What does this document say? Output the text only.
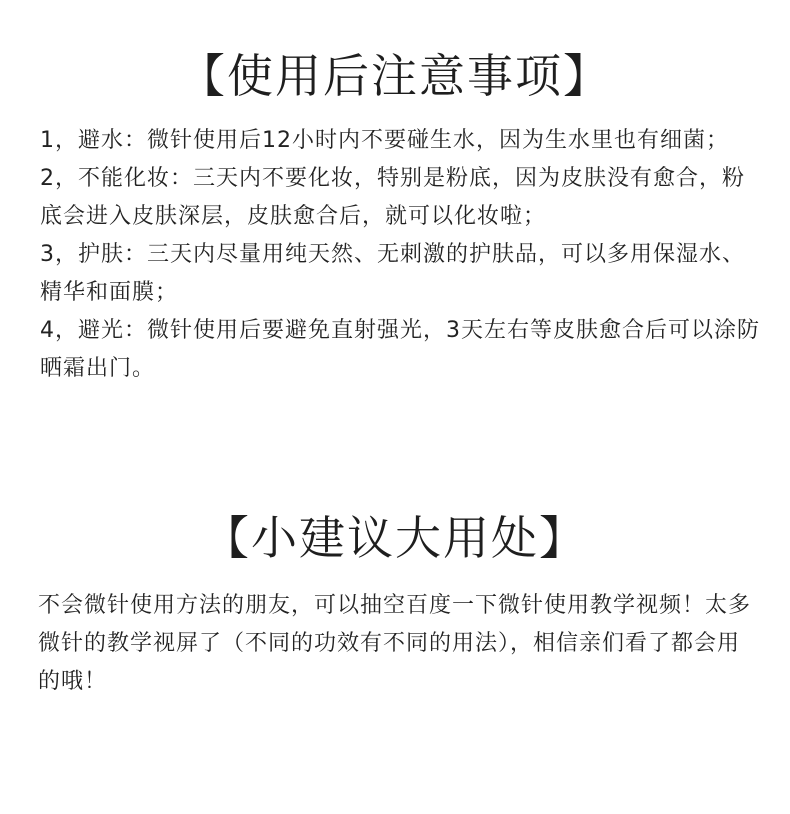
【使用后注意事项】
1，避水：微针使用后12小时内不要碰生水，因为生水里也有细菌；
2，不能化妆：三天内不要化妆，特别是粉底，因为皮肤没有愈合，粉底会进入皮肤深层，皮肤愈合后，就可以化妆啦；
3，护肤：三天内尽量用纯天然、无刺激的护肤品，可以多用保湿水、精华和面膜；
4，避光：微针使用后要避免直射强光，3天左右等皮肤愈合后可以涂防晒霜出门。
【小建议大用处】

不会微针使用方法的朋友，可以抽空百度一下微针使用教学视频！太多微针的教学视屏了（不同的功效有不同的用法），相信亲们看了都会用的哦！
